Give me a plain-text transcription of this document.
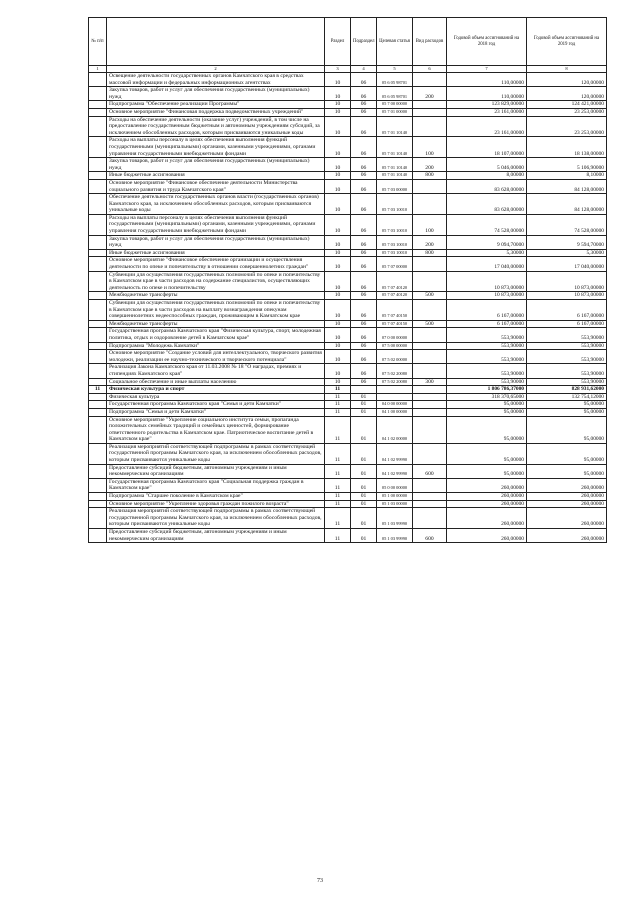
№ п/п		Раздел	Подраздел	Целевая статья	Вид расходов	Годовой объем ассигнований на 2018 год	Годовой объем ассигнований на 2019 год
1	2	3	4	5	6	7	8
	Освещение деятельности государственных органов Камчатского края в средствах массовой информации и федеральных информационных агентствах	10	06	05 6 05 98701		110,00000	120,00000
	Закупка товаров, работ и услуг для обеспечения государственных (муниципальных) нужд	10	06	05 6 05 98701	200	110,00000	120,00000
	Подпрограмма "Обеспечение реализации Программы"	10	06	05 7 00 00000		123 829,00000	124 421,00000
	Основное мероприятие "Финансовая поддержка подведомственных учреждений"	10	06	05 7 01 00000		23 161,00000	23 253,00000
	Расходы на обеспечение деятельности (оказание услуг) учреждений, в том числе на предоставление государственным бюджетным и автономным учреждениям субсидий, за исключением обособленных расходов, которым присваиваются уникальные коды	10	06	05 7 01 10140		23 161,00000	23 253,00000
	Расходы на выплаты персоналу в целях обеспечения выполнения функций государственными (муниципальными) органами, казенными учреждениями, органами управления государственными внебюджетными фондами	10	06	05 7 01 10140	100	18 107,00000	18 138,00000
	Закупка товаров, работ и услуг для обеспечения государственных (муниципальных) нужд	10	06	05 7 01 10140	200	5 046,00000	5 106,90000
	Иные бюджетные ассигнования	10	06	05 7 01 10140	800	8,00000	8,10000
	Основное мероприятие "Финансовое обеспечение деятельности Министерства социального развития и труда Камчатского края"	10	06	05 7 03 00000		83 628,00000	84 128,00000
	Обеспечение деятельности государственных органов власти (государственных органов) Камчатского края, за исключением обособленных расходов, которым присваиваются уникальные коды	10	06	05 7 03 10010		83 628,00000	84 128,00000
	Расходы на выплаты персоналу в целях обеспечения выполнения функций государственными (муниципальными) органами, казенными учреждениями, органами управления государственными внебюджетными фондами	10	06	05 7 03 10010	100	74 528,00000	74 528,00000
	Закупка товаров, работ и услуг для обеспечения государственных (муниципальных) нужд	10	06	05 7 03 10010	200	9 094,70000	9 594,70000
	Иные бюджетные ассигнования	10	06	05 7 03 10010	800	5,30000	5,30000
	Основное мероприятие "Финансовое обеспечение организации и осуществления деятельности по опеке и попечительству в отношении совершеннолетних граждан"	10	06	05 7 07 00000		17 040,00000	17 040,00000
	Субвенции для осуществления государственных полномочий по опеке и попечительству в Камчатском крае в части расходов на содержание специалистов, осуществляющих деятельность по опеке и попечительству	10	06	05 7 07 40120		10 873,00000	10 873,00000
	Межбюджетные трансферты	10	06	05 7 07 40120	500	10 873,00000	10 873,00000
	Субвенции для осуществления государственных полномочий по опеке и попечительству в Камчатском крае в части расходов на выплату вознаграждения опекунам совершеннолетних недееспособных граждан, проживающим в Камчатском крае	10	06	05 7 07 40150		6 167,00000	6 167,00000
	Межбюджетные трансферты	10	06	05 7 07 40150	500	6 167,00000	6 167,00000
	Государственная программа Камчатского края "Физическая культура, спорт, молодежная политика, отдых и оздоровление детей в Камчатском крае"	10	06	07 0 00 00000		553,90000	553,90000
	Подпрограмма "Молодежь Камчатки"	10	06	07 5 00 00000		553,90000	553,90000
	Основное мероприятие "Создание условий для интеллектуального, творческого развития молодежи, реализации ее научно-технического и творческого потенциала"	10	06	07 5 02 00000		553,90000	553,90000
	Реализация Закона Камчатского края от 11.03.2008 № 18 "О наградах, премиях и стипендиях Камчатского края"	10	06	07 5 02 20080		553,90000	553,90000
	Социальное обеспечение и иные выплаты населению	10	06	07 5 02 20080	300	553,90000	553,90000
11	Физическая культура и спорт	11				1 806 786,37000	828 931,62000
	Физическая культура	11	01			318 370,65000	132 754,12000
	Государственная программа Камчатского края "Семья и дети Камчатки"	11	01	04 0 00 00000		95,00000	95,00000
	Подпрограмма "Семья и дети Камчатки"	11	01	04 1 00 00000		95,00000	95,00000
	Основное мероприятие "Укрепление социального института семьи, пропаганда положительных семейных традиций и семейных ценностей, формирование ответственного родительства в Камчатском крае. Патриотическое воспитание детей в Камчатском крае"	11	01	04 1 02 00000		95,00000	95,00000
	Реализация мероприятий соответствующей подпрограммы в рамках соответствующей государственной программы Камчатского края, за исключением обособленных расходов, которым присваиваются уникальные коды	11	01	04 1 02 99990		95,00000	95,00000
	Предоставление субсидий бюджетным, автономным учреждениям и иным некоммерческим организациям	11	01	04 1 02 99990	600	95,00000	95,00000
	Государственная программа Камчатского края "Социальная поддержка граждан в Камчатском крае"	11	01	05 0 00 00000		260,00000	260,00000
	Подпрограмма "Старшее поколение в Камчатском крае"	11	01	05 1 00 00000		260,00000	260,00000
	Основное мероприятие "Укрепление здоровья граждан пожилого возраста"	11	01	05 1 03 00000		260,00000	260,00000
	Реализация мероприятий соответствующей подпрограммы в рамках соответствующей государственной программы Камчатского края, за исключением обособленных расходов, которым присваиваются уникальные коды	11	01	05 1 03 99990		260,00000	260,00000
	Предоставление субсидий бюджетным, автономным учреждениям и иным некоммерческим организациям	11	01	05 1 03 99990	600	260,00000	260,00000
73
